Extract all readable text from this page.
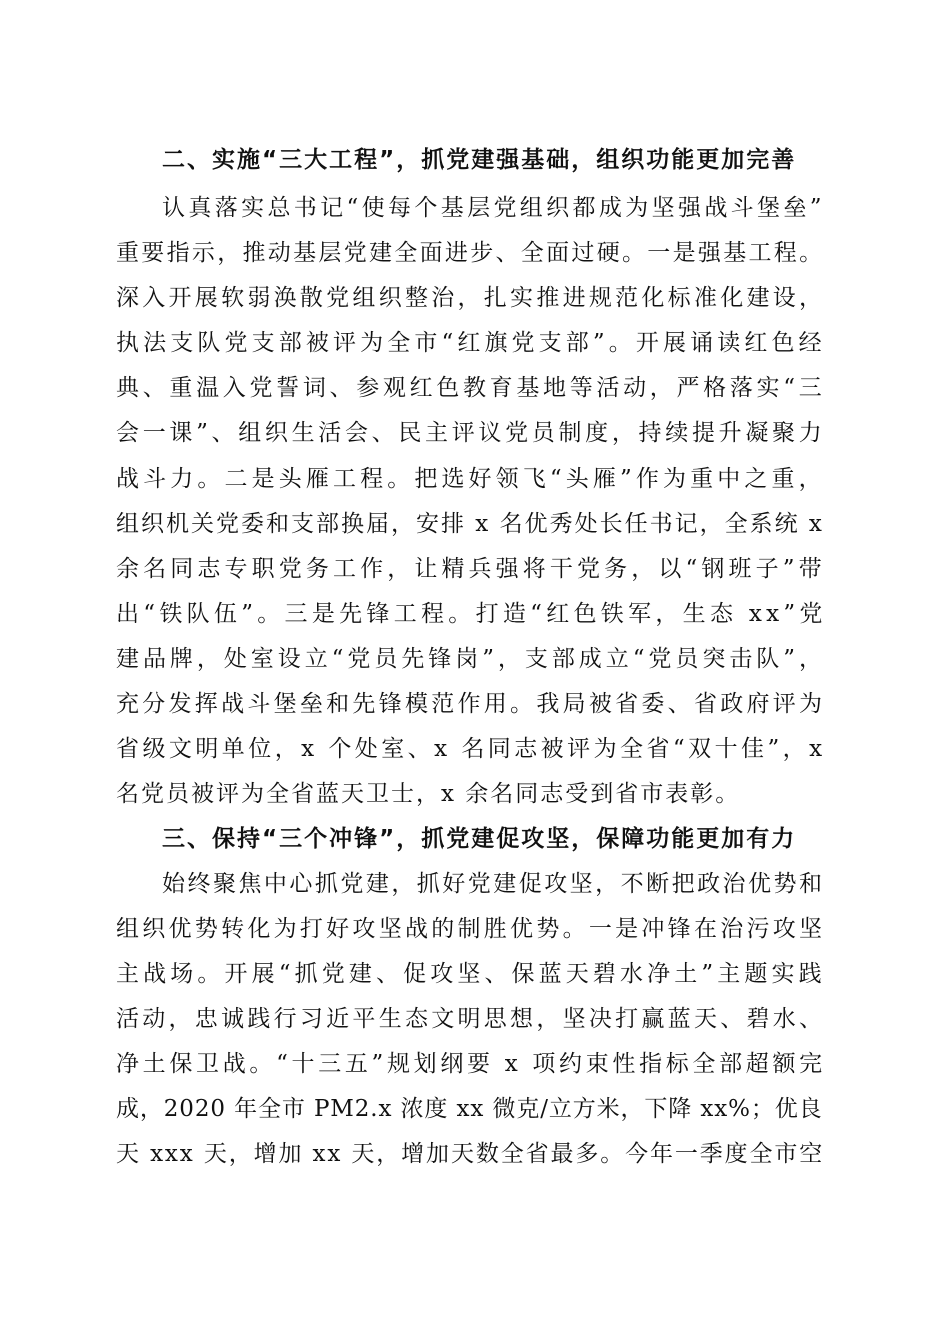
二、实施“三大工程”，抓党建强基础，组织功能更加完善
认真落实总书记“使每个基层党组织都成为坚强战斗堡垒”
重要指示，推动基层党建全面进步、全面过硬。一是强基工程。
深入开展软弱涣散党组织整治，扎实推进规范化标准化建设，
执法支队党支部被评为全市“红旗党支部”。开展诵读红色经
典、重温入党誓词、参观红色教育基地等活动，严格落实“三
会一课”、组织生活会、民主评议党员制度，持续提升凝聚力
战斗力。二是头雁工程。把选好领飞“头雁”作为重中之重，
组织机关党委和支部换届，安排 x 名优秀处长任书记，全系统 x
余名同志专职党务工作，让精兵强将干党务，以“钢班子”带
出“铁队伍”。三是先锋工程。打造“红色铁军，生态 xx”党
建品牌，处室设立“党员先锋岗”，支部成立“党员突击队”，
充分发挥战斗堡垒和先锋模范作用。我局被省委、省政府评为
省级文明单位，x 个处室、x 名同志被评为全省“双十佳”，x
名党员被评为全省蓝天卫士，x 余名同志受到省市表彰。
三、保持“三个冲锋”，抓党建促攻坚，保障功能更加有力
始终聚焦中心抓党建，抓好党建促攻坚，不断把政治优势和
组织优势转化为打好攻坚战的制胜优势。一是冲锋在治污攻坚
主战场。开展“抓党建、促攻坚、保蓝天碧水净土”主题实践
活动，忠诚践行习近平生态文明思想，坚决打赢蓝天、碧水、
净土保卫战。“十三五”规划纲要 x 项约束性指标全部超额完
成，2020 年全市 PM2.x 浓度 xx 微克/立方米，下降 xx%；优良
天 xxx 天，增加 xx 天，增加天数全省最多。今年一季度全市空
